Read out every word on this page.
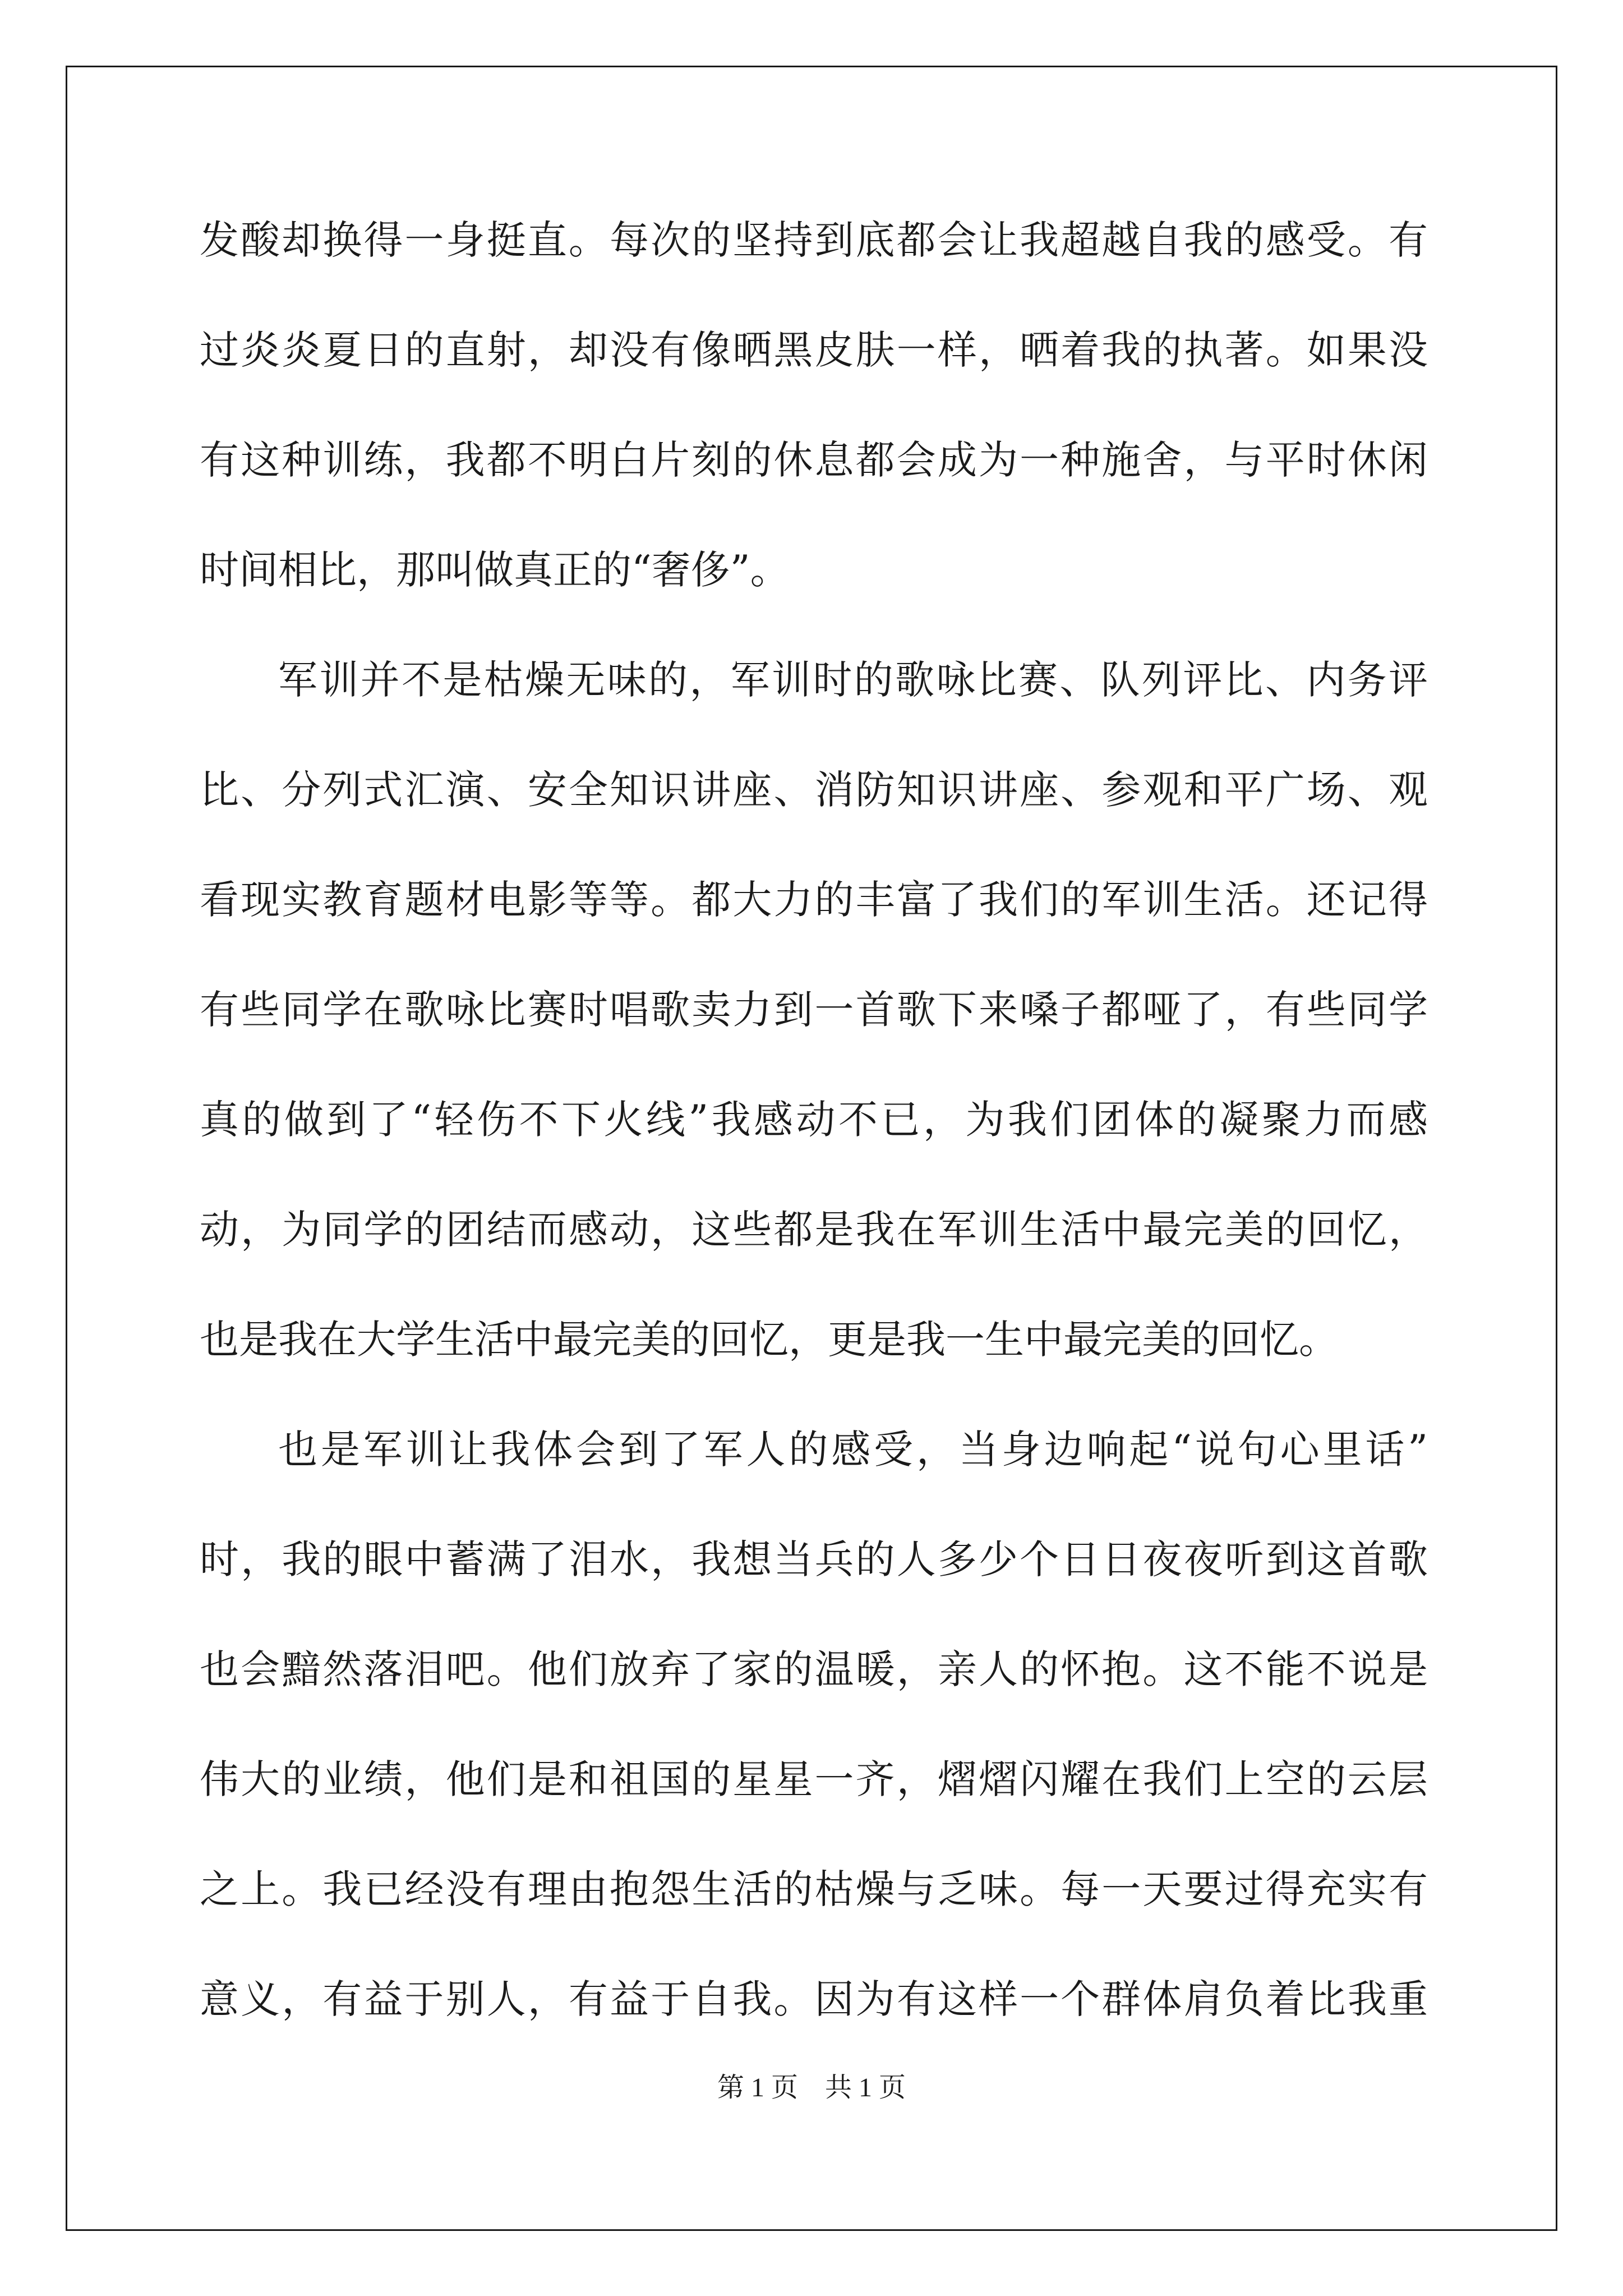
发酸却换得一身挺直。每次的坚持到底都会让我超越自我的感受。有
过炎炎夏日的直射，却没有像晒黑皮肤一样，晒着我的执著。如果没
有这种训练，我都不明白片刻的休息都会成为一种施舍，与平时休闲
时间相比，那叫做真正的“奢侈”。
军训并不是枯燥无味的，军训时的歌咏比赛、队列评比、内务评
比、分列式汇演、安全知识讲座、消防知识讲座、参观和平广场、观
看现实教育题材电影等等。都大力的丰富了我们的军训生活。还记得
有些同学在歌咏比赛时唱歌卖力到一首歌下来嗓子都哑了，有些同学
真的做到了“轻伤不下火线”我感动不已，为我们团体的凝聚力而感
动，为同学的团结而感动，这些都是我在军训生活中最完美的回忆，
也是我在大学生活中最完美的回忆，更是我一生中最完美的回忆。
也是军训让我体会到了军人的感受，当身边响起“说句心里话”
时，我的眼中蓄满了泪水，我想当兵的人多少个日日夜夜听到这首歌
也会黯然落泪吧。他们放弃了家的温暖，亲人的怀抱。这不能不说是
伟大的业绩，他们是和祖国的星星一齐，熠熠闪耀在我们上空的云层
之上。我已经没有理由抱怨生活的枯燥与乏味。每一天要过得充实有
意义，有益于别人，有益于自我。因为有这样一个群体肩负着比我重
第 1 页　共 1 页
